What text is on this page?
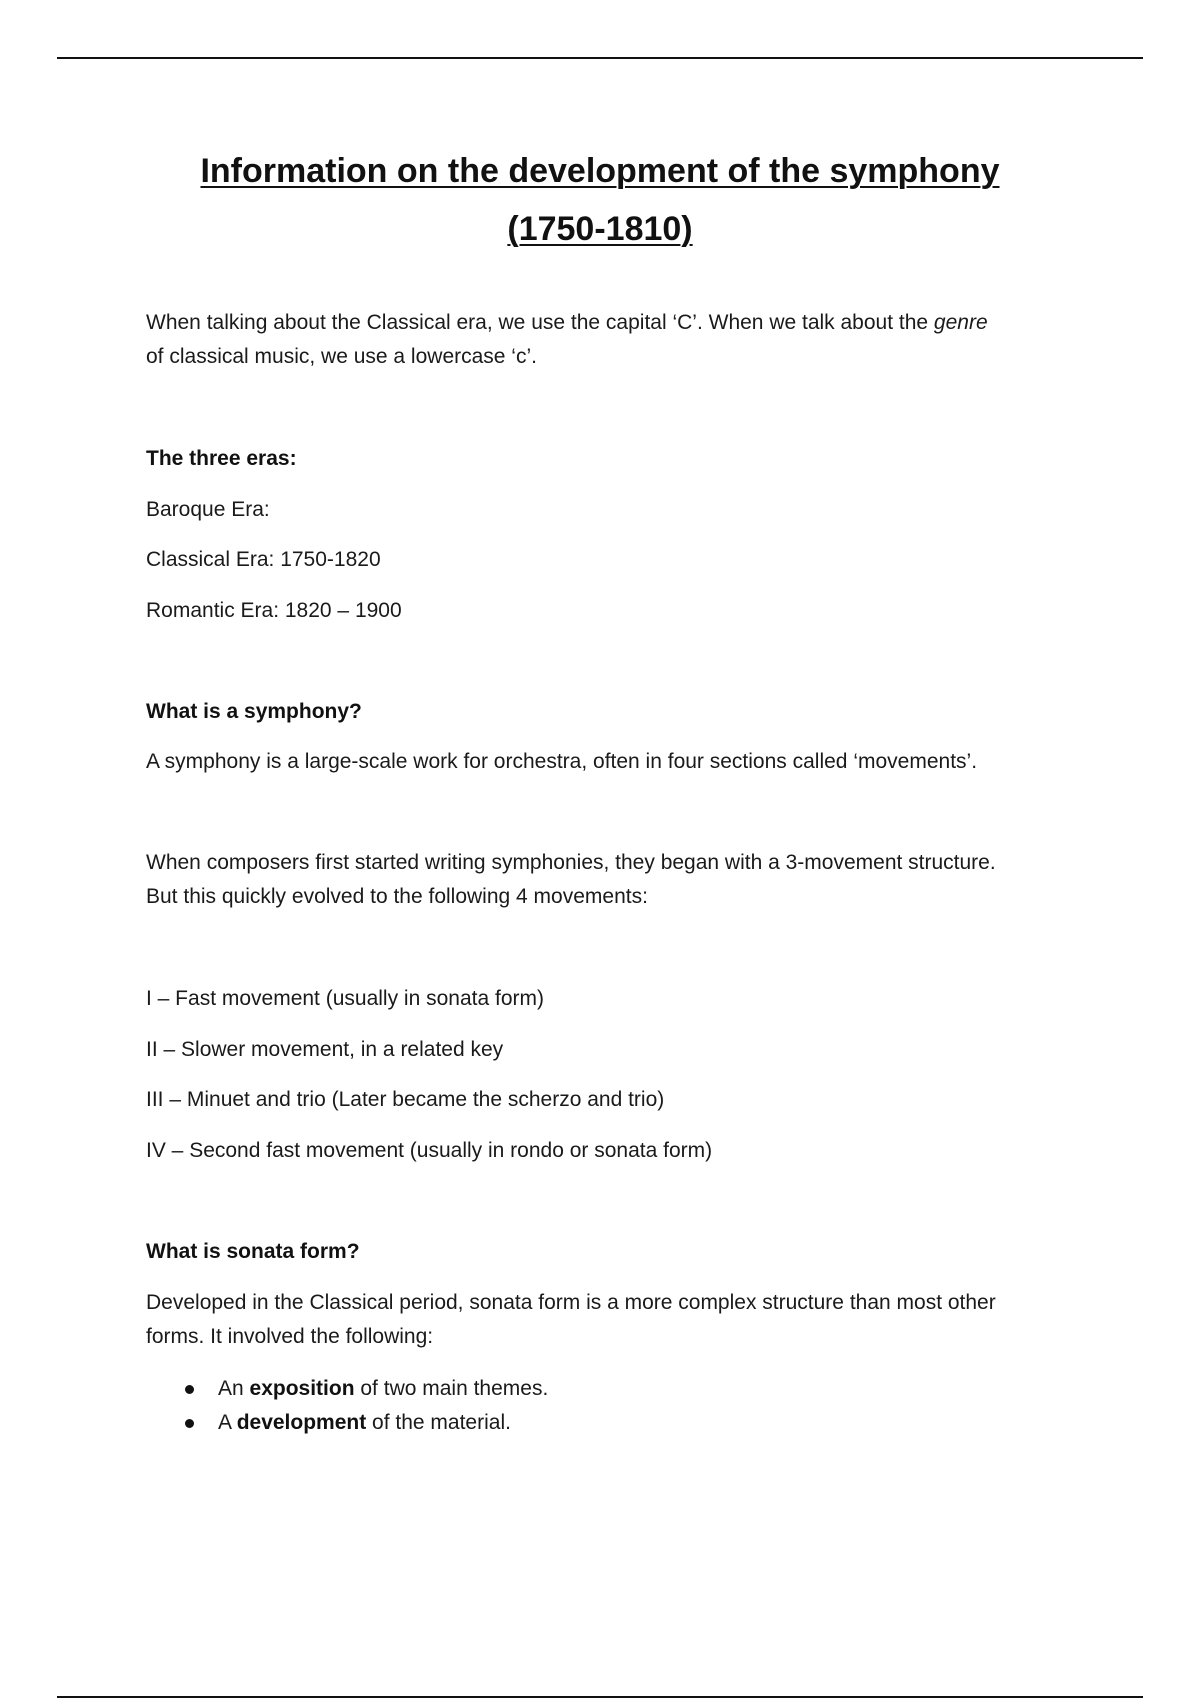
Information on the development of the symphony
(1750-1810)

When talking about the Classical era, we use the capital ‘C’. When we talk about the genre
of classical music, we use a lowercase ‘c’.

The three eras:

Baroque Era:

Classical Era: 1750-1820

Romantic Era: 1820 – 1900

What is a symphony?

A symphony is a large-scale work for orchestra, often in four sections called ‘movements’.

When composers first started writing symphonies, they began with a 3-movement structure. But this quickly evolved to the following 4 movements:

I – Fast movement (usually in sonata form)

II – Slower movement, in a related key

III – Minuet and trio (Later became the scherzo and trio)

IV – Second fast movement (usually in rondo or sonata form)

What is sonata form?

Developed in the Classical period, sonata form is a more complex structure than most other forms. It involved the following:

An exposition of two main themes.
A development of the material.
